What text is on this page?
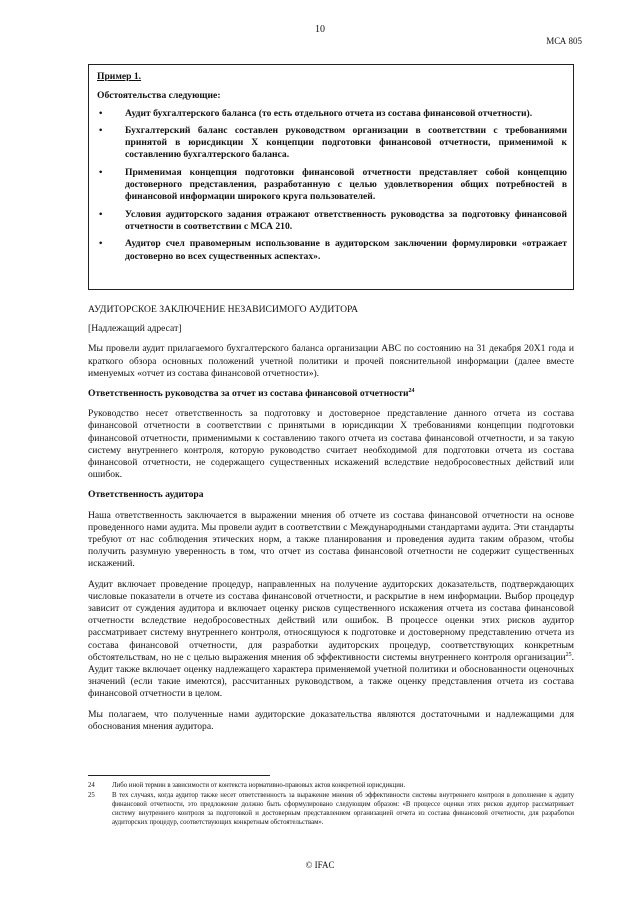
10
МСА 805
Пример 1.
Обстоятельства следующие:
• Аудит бухгалтерского баланса (то есть отдельного отчета из состава финансовой отчетности).
• Бухгалтерский баланс составлен руководством организации в соответствии с требованиями принятой в юрисдикции X концепции подготовки финансовой отчетности, применимой к составлению бухгалтерского баланса.
• Применимая концепция подготовки финансовой отчетности представляет собой концепцию достоверного представления, разработанную с целью удовлетворения общих потребностей в финансовой информации широкого круга пользователей.
• Условия аудиторского задания отражают ответственность руководства за подготовку финансовой отчетности в соответствии с МСА 210.
• Аудитор счел правомерным использование в аудиторском заключении формулировки «отражает достоверно во всех существенных аспектах».

АУДИТОРСКОЕ ЗАКЛЮЧЕНИЕ НЕЗАВИСИМОГО АУДИТОРА

[Надлежащий адресат]

Мы провели аудит прилагаемого бухгалтерского баланса организации ABC по состоянию на 31 декабря 20X1 года и краткого обзора основных положений учетной политики и прочей пояснительной информации (далее вместе именуемых «отчет из состава финансовой отчетности»).

Ответственность руководства за отчет из состава финансовой отчетности$^{24}$

Руководство несет ответственность за подготовку и достоверное представление данного отчета из состава финансовой отчетности в соответствии с принятыми в юрисдикции X требованиями концепции подготовки финансовой отчетности, применимыми к составлению такого отчета из состава финансовой отчетности, и за такую систему внутреннего контроля, которую руководство считает необходимой для подготовки отчета из состава финансовой отчетности, не содержащего существенных искажений вследствие недобросовестных действий или ошибок.

Ответственность аудитора

Наша ответственность заключается в выражении мнения об отчете из состава финансовой отчетности на основе проведенного нами аудита. Мы провели аудит в соответствии с Международными стандартами аудита. Эти стандарты требуют от нас соблюдения этических норм, а также планирования и проведения аудита таким образом, чтобы получить разумную уверенность в том, что отчет из состава финансовой отчетности не содержит существенных искажений.

Аудит включает проведение процедур, направленных на получение аудиторских доказательств, подтверждающих числовые показатели в отчете из состава финансовой отчетности, и раскрытие в нем информации. Выбор процедур зависит от суждения аудитора и включает оценку рисков существенного искажения отчета из состава финансовой отчетности вследствие недобросовестных действий или ошибок. В процессе оценки этих рисков аудитор рассматривает систему внутреннего контроля, относящуюся к подготовке и достоверному представлению отчета из состава финансовой отчетности, для разработки аудиторских процедур, соответствующих конкретным обстоятельствам, но не с целью выражения мнения об эффективности системы внутреннего контроля организации$^{25}$. Аудит также включает оценку надлежащего характера применяемой учетной политики и обоснованности оценочных значений (если такие имеются), рассчитанных руководством, а также оценку представления отчета из состава финансовой отчетности в целом.

Мы полагаем, что полученные нами аудиторские доказательства являются достаточными и надлежащими для обоснования мнения аудитора.

24	Либо иной термин в зависимости от контекста нормативно-правовых актов конкретной юрисдикции.
25	В тех случаях, когда аудитор также несет ответственность за выражение мнения об эффективности системы внутреннего контроля в дополнение к аудиту финансовой отчетности, это предложение должно быть сформулировано следующим образом: «В процессе оценки этих рисков аудитор рассматривает систему внутреннего контроля за подготовкой и достоверным представлением организацией отчета из состава финансовой отчетности, для разработки аудиторских процедур, соответствующих конкретным обстоятельствам».
© IFAC
